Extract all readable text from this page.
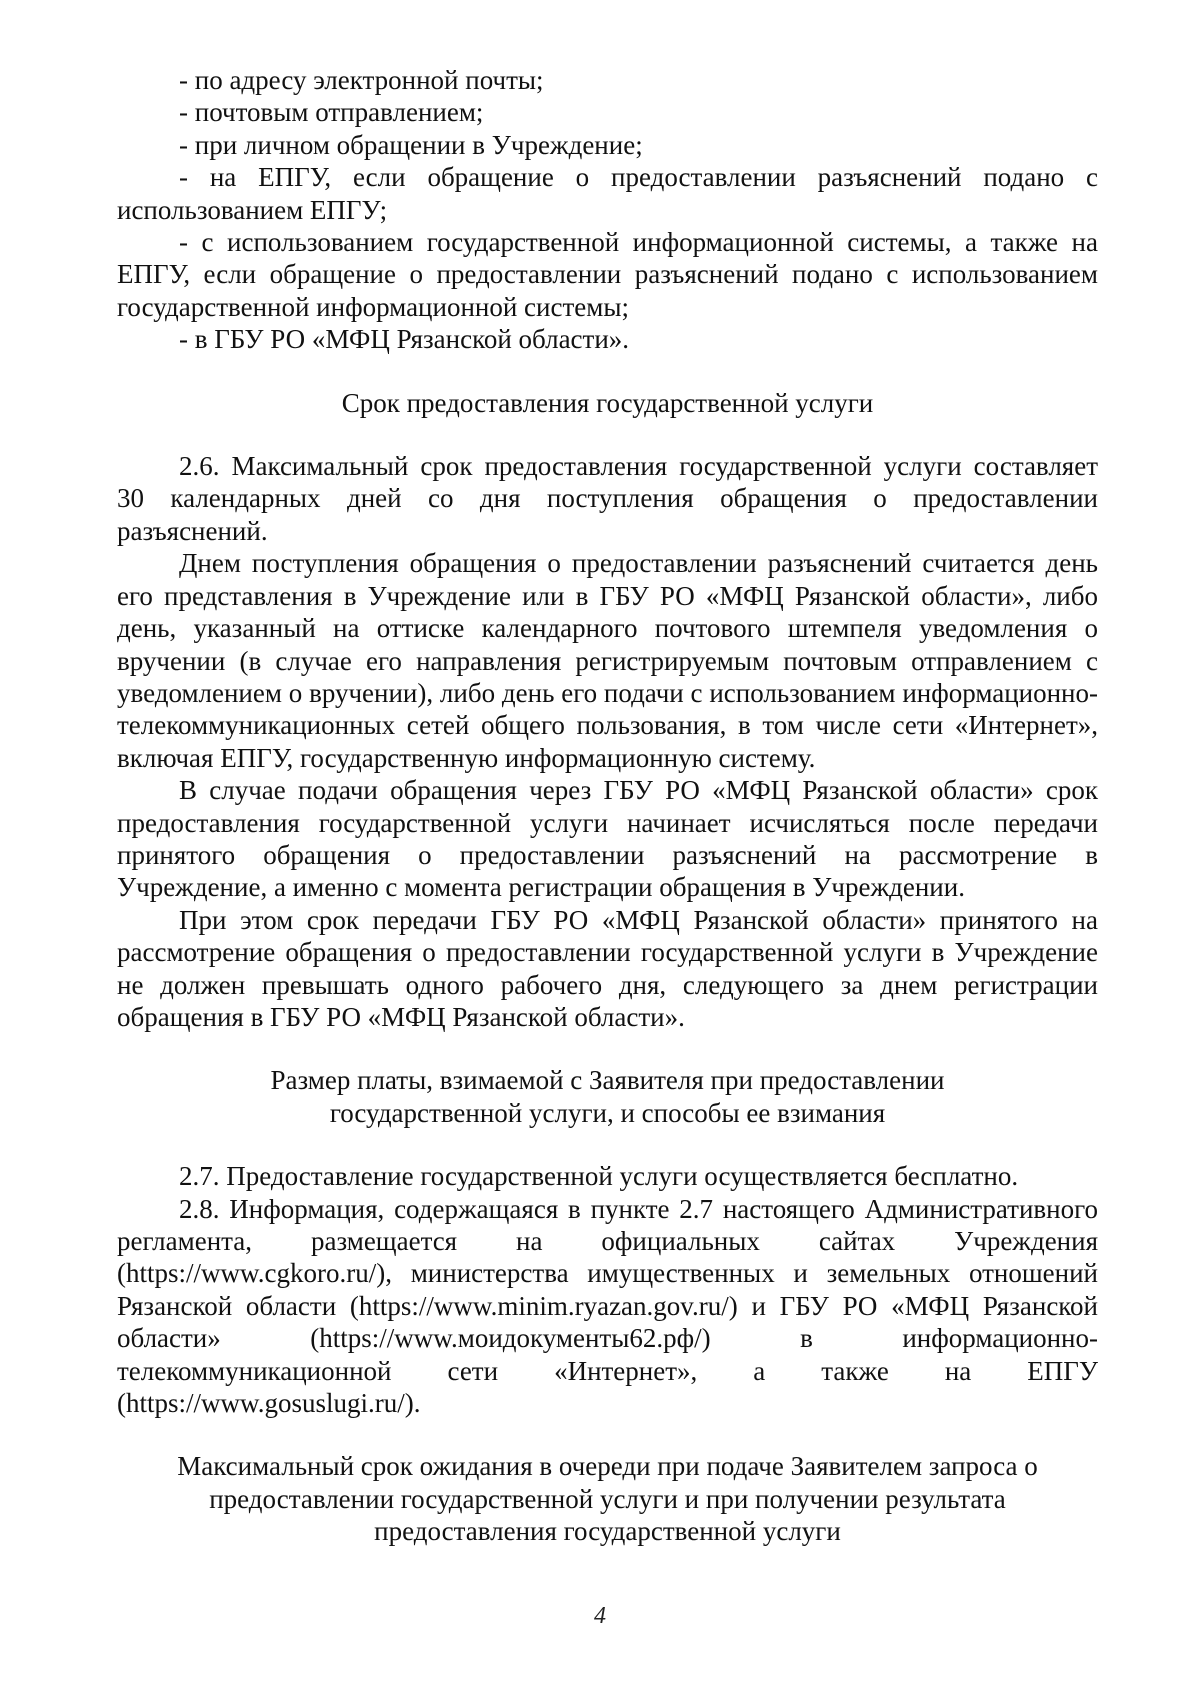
- по адресу электронной почты;

- почтовым отправлением;

- при личном обращении в Учреждение;

- на ЕПГУ, если обращение о предоставлении разъяснений подано с использованием ЕПГУ;

- с использованием государственной информационной системы, а также на ЕПГУ, если обращение о предоставлении разъяснений подано с использованием государственной информационной системы;

- в ГБУ РО «МФЦ Рязанской области».

Срок предоставления государственной услуги

2.6. Максимальный срок предоставления государственной услуги составляет 30 календарных дней со дня поступления обращения о предоставлении разъяснений.

Днем поступления обращения о предоставлении разъяснений считается день его представления в Учреждение или в ГБУ РО «МФЦ Рязанской области», либо день, указанный на оттиске календарного почтового штемпеля уведомления о вручении (в случае его направления регистрируемым почтовым отправлением с уведомлением о вручении), либо день его подачи с использованием информационно-телекоммуникационных сетей общего пользования, в том числе сети «Интернет», включая ЕПГУ, государственную информационную систему.

В случае подачи обращения через ГБУ РО «МФЦ Рязанской области» срок предоставления государственной услуги начинает исчисляться после передачи принятого обращения о предоставлении разъяснений на рассмотрение в Учреждение, а именно с момента регистрации обращения в Учреждении.

При этом срок передачи ГБУ РО «МФЦ Рязанской области» принятого на рассмотрение обращения о предоставлении государственной услуги в Учреждение не должен превышать одного рабочего дня, следующего за днем регистрации обращения в ГБУ РО «МФЦ Рязанской области».

Размер платы, взимаемой с Заявителя при предоставлении
государственной услуги, и способы ее взимания

2.7. Предоставление государственной услуги осуществляется бесплатно.

2.8. Информация, содержащаяся в пункте 2.7 настоящего Административного регламента, размещается на официальных сайтах Учреждения (https://www.cgkoro.ru/), министерства имущественных и земельных отношений Рязанской области (https://www.minim.ryazan.gov.ru/) и ГБУ РО «МФЦ Рязанской области» (https://www.моидокументы62.рф/) в информационно-телекоммуникационной сети «Интернет», а также на ЕПГУ (https://www.gosuslugi.ru/).

Максимальный срок ожидания в очереди при подаче Заявителем запроса о
предоставлении государственной услуги и при получении результата
предоставления государственной услуги

4
